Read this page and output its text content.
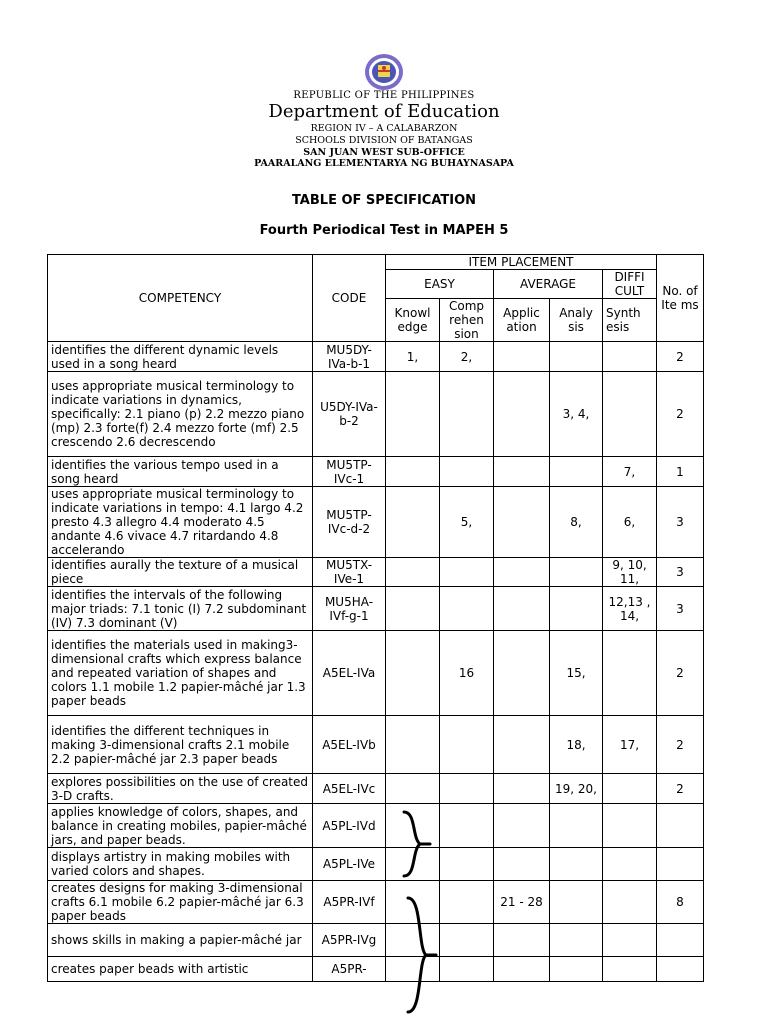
REPUBLIC OF THE PHILIPPINES
Department of Education
REGION IV – A CALABARZON
SCHOOLS DIVISION OF BATANGAS
SAN JUAN WEST SUB-OFFICE
PAARALANG ELEMENTARYA NG BUHAYNASAPA
TABLE OF SPECIFICATION
Fourth Periodical Test in MAPEH 5
COMPETENCY	CODE	ITEM PLACEMENT					No. of Ite ms
		EASY		AVERAGE		DIFFI CULT	
		Knowl edge	Comp rehen sion	Applic ation	Analy sis	Synth esis	
identifies the different dynamic levels used in a song heard	MU5DY-IVa-b-1	1,	2,				2
uses appropriate musical terminology to indicate variations in dynamics, specifically: 2.1 piano (p) 2.2 mezzo piano (mp) 2.3 forte(f) 2.4 mezzo forte (mf) 2.5 crescendo 2.6 decrescendo	U5DY-IVa-b-2				3, 4,		2
identifies the various tempo used in a song heard	MU5TP-IVc-1					7,	1
uses appropriate musical terminology to indicate variations in tempo: 4.1 largo 4.2 presto 4.3 allegro 4.4 moderato 4.5 andante 4.6 vivace 4.7 ritardando 4.8 accelerando	MU5TP-IVc-d-2		5,		8,	6,	3
identifies aurally the texture of a musical piece	MU5TX-IVe-1					9, 10, 11,	3
identifies the intervals of the following major triads: 7.1 tonic (I) 7.2 subdominant (IV) 7.3 dominant (V)	MU5HA-IVf-g-1					12,13 , 14,	3
identifies the materials used in making3-dimensional crafts which express balance and repeated variation of shapes and colors 1.1 mobile 1.2 papier-mâché jar 1.3 paper beads	A5EL-IVa		16		15,		2
identifies the different techniques in making 3-dimensional crafts 2.1 mobile 2.2 papier-mâché jar 2.3 paper beads	A5EL-IVb				18,	17,	2
explores possibilities on the use of created 3-D crafts.	A5EL-IVc				19, 20,		2
applies knowledge of colors, shapes, and balance in creating mobiles, papier-mâché jars, and paper beads.	A5PL-IVd						
displays artistry in making mobiles with varied colors and shapes.	A5PL-IVe						
creates designs for making 3-dimensional crafts 6.1 mobile 6.2 papier-mâché jar 6.3 paper beads	A5PR-IVf			21 - 28			8
shows skills in making a papier-mâché jar	A5PR-IVg						
creates paper beads with artistic	A5PR-						
